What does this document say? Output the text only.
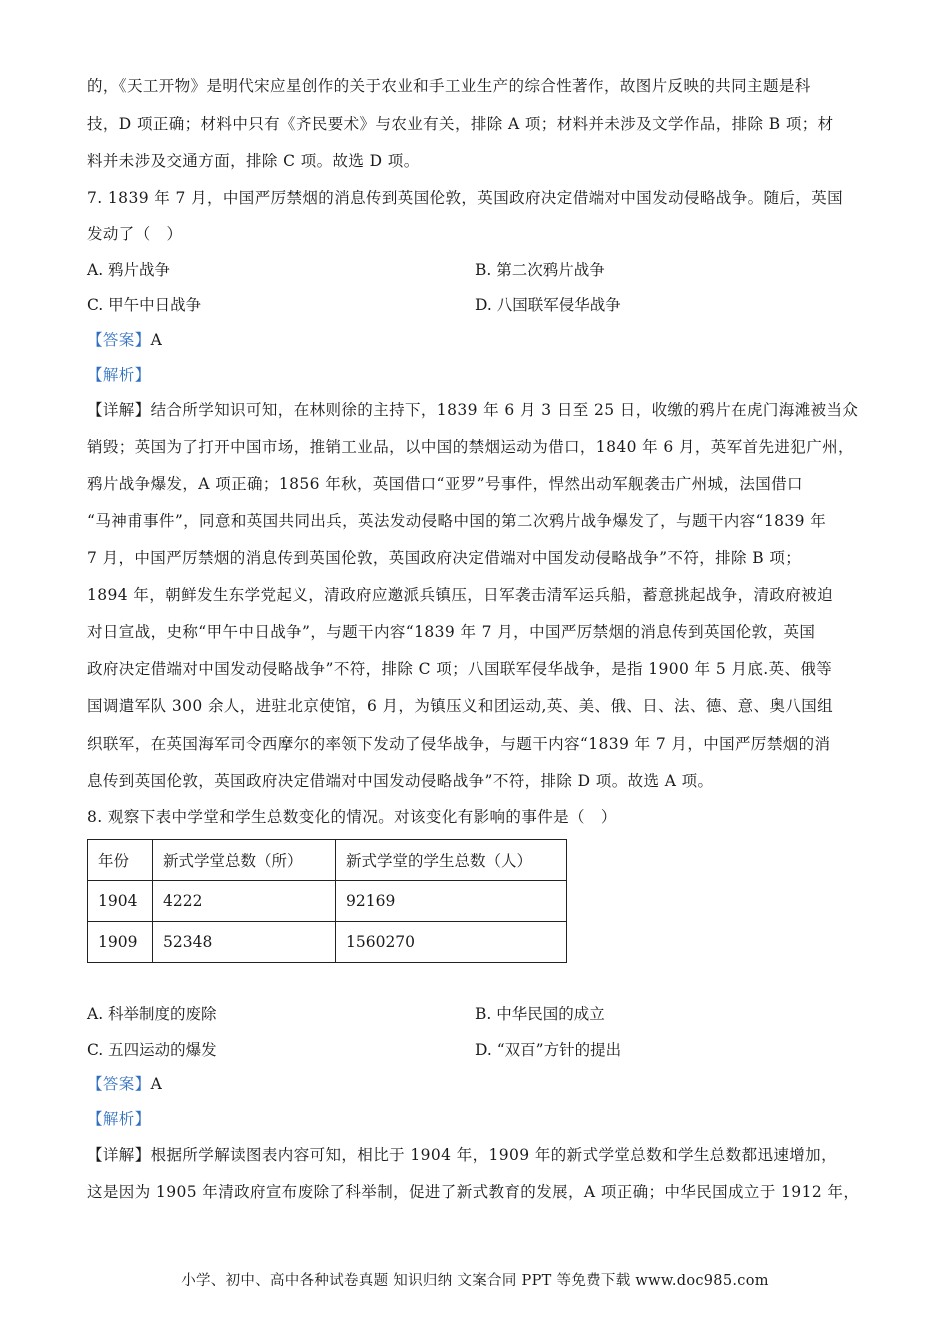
的，《天工开物》是明代宋应星创作的关于农业和手工业生产的综合性著作，故图片反映的共同主题是科
技，D 项正确；材料中只有《齐民要术》与农业有关，排除 A 项；材料并未涉及文学作品，排除 B 项；材
料并未涉及交通方面，排除 C 项。故选 D 项。
7. 1839 年 7 月，中国严厉禁烟的消息传到英国伦敦，英国政府决定借端对中国发动侵略战争。随后，英国
发动了（　）
A. 鸦片战争	B. 第二次鸦片战争
C. 甲午中日战争	D. 八国联军侵华战争
【答案】A
【解析】
【详解】结合所学知识可知，在林则徐的主持下，1839 年 6 月 3 日至 25 日，收缴的鸦片在虎门海滩被当众
销毁；英国为了打开中国市场，推销工业品，以中国的禁烟运动为借口，1840 年 6 月，英军首先进犯广州，
鸦片战争爆发，A 项正确；1856 年秋，英国借口“亚罗”号事件，悍然出动军舰袭击广州城，法国借口
“马神甫事件”，同意和英国共同出兵，英法发动侵略中国的第二次鸦片战争爆发了，与题干内容“1839 年
7 月，中国严厉禁烟的消息传到英国伦敦，英国政府决定借端对中国发动侵略战争”不符，排除 B 项；
1894 年，朝鲜发生东学党起义，清政府应邀派兵镇压，日军袭击清军运兵船，蓄意挑起战争，清政府被迫
对日宣战，史称“甲午中日战争”，与题干内容“1839 年 7 月，中国严厉禁烟的消息传到英国伦敦，英国
政府决定借端对中国发动侵略战争”不符，排除 C 项；八国联军侵华战争，是指 1900 年 5 月底.英、俄等
国调遣军队 300 余人，进驻北京使馆，6 月，为镇压义和团运动,英、美、俄、日、法、德、意、奥八国组
织联军，在英国海军司令西摩尔的率领下发动了侵华战争，与题干内容“1839 年 7 月，中国严厉禁烟的消
息传到英国伦敦，英国政府决定借端对中国发动侵略战争”不符，排除 D 项。故选 A 项。
8. 观察下表中学堂和学生总数变化的情况。对该变化有影响的事件是（　）
年份	新式学堂总数（所）	新式学堂的学生总数（人）
1904	4222	92169
1909	52348	1560270
A. 科举制度的废除	B. 中华民国的成立
C. 五四运动的爆发	D. “双百”方针的提出
【答案】A
【解析】
【详解】根据所学解读图表内容可知，相比于 1904 年，1909 年的新式学堂总数和学生总数都迅速增加，
这是因为 1905 年清政府宣布废除了科举制，促进了新式教育的发展，A 项正确；中华民国成立于 1912 年，
小学、初中、高中各种试卷真题 知识归纳 文案合同 PPT 等免费下载 www.doc985.com
